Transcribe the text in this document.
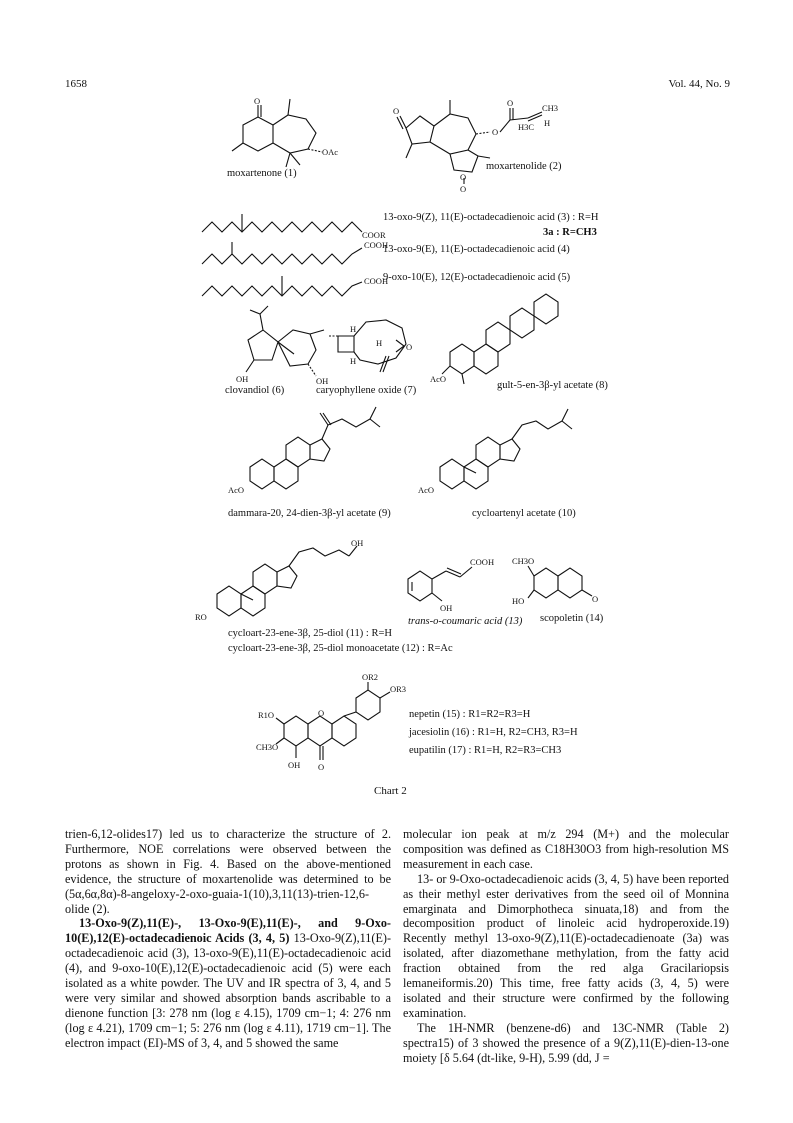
1658	Vol. 44, No. 9
O
OAc
moxartenone (1)
O
O
O	CH3
H3C H
O
O
moxartenolide (2)
COOR
13-oxo-9(Z), 11(E)-octadecadienoic acid (3) : R=H
3a : R=CH3
COOH
13-oxo-9(E), 11(E)-octadecadienoic acid (4)
COOH
9-oxo-10(E), 12(E)-octadecadienoic acid (5)
OH	OH
clovandiol (6)
H
H
O
H
caryophyllene oxide (7)
AcO
gult-5-en-3β-yl acetate (8)
AcO
dammara-20, 24-dien-3β-yl acetate (9)
AcO
cycloartenyl acetate (10)
RO
OH
cycloart-23-ene-3β, 25-diol (11) : R=H
cycloart-23-ene-3β, 25-diol monoacetate (12) : R=Ac
COOH
OH
trans-o-coumaric acid (13)
CH3O
HO	O
scopoletin (14)
R1O
CH3O
OH O
O
OR2
OR3
nepetin (15) : R1=R2=R3=H
jacesiolin (16) : R1=H, R2=CH3, R3=H
eupatilin (17) : R1=H, R2=R3=CH3
Chart 2

trien-6,12-olides17) led us to characterize the structure of 2. Furthermore, NOE correlations were observed between the protons as shown in Fig. 4. Based on the above-mentioned evidence, the structure of moxartenolide was determined to be (5α,6α,8α)-8-angeloxy-2-oxo-guaia-1(10),3,11(13)-trien-12,6-olide (2).

13-Oxo-9(Z),11(E)-, 13-Oxo-9(E),11(E)-, and 9-Oxo-10(E),12(E)-octadecadienoic Acids (3, 4, 5) 13-Oxo-9(Z),11(E)-octadecadienoic acid (3), 13-oxo-9(E),11(E)-octadecadienoic acid (4), and 9-oxo-10(E),12(E)-octadecadienoic acid (5) were each isolated as a white powder. The UV and IR spectra of 3, 4, and 5 were very similar and showed absorption bands ascribable to a dienone function [3: 278 nm (log ε 4.15), 1709 cm−1; 4: 276 nm (log ε 4.21), 1709 cm−1; 5: 276 nm (log ε 4.11), 1719 cm−1]. The electron impact (EI)-MS of 3, 4, and 5 showed the same

molecular ion peak at m/z 294 (M+) and the molecular composition was defined as C18H30O3 from high-resolution MS measurement in each case.

13- or 9-Oxo-octadecadienoic acids (3, 4, 5) have been reported as their methyl ester derivatives from the seed oil of Monnina emarginata and Dimorphotheca sinuata,18) and from the decomposition product of linoleic acid hydroperoxide.19) Recently methyl 13-oxo-9(Z),11(E)-octadecadienoate (3a) was isolated, after diazomethane methylation, from the fatty acid fraction obtained from the red alga Gracilariopsis lemaneiformis.20) This time, free fatty acids (3, 4, 5) were isolated and their structure were confirmed by the following examination.

The 1H-NMR (benzene-d6) and 13C-NMR (Table 2) spectra15) of 3 showed the presence of a 9(Z),11(E)-dien-13-one moiety [δ 5.64 (dt-like, 9-H), 5.99 (dd, J =
